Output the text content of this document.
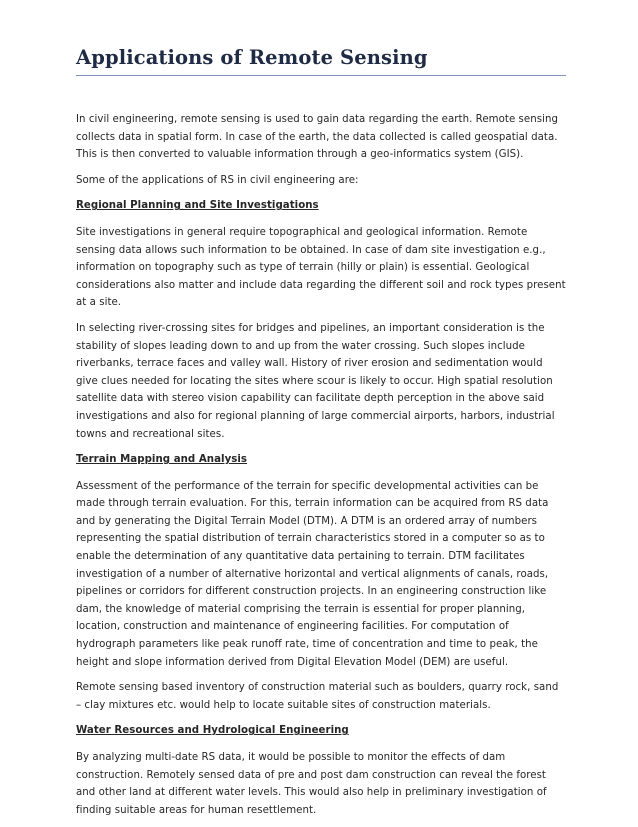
Applications of Remote Sensing

In civil engineering, remote sensing is used to gain data regarding the earth. Remote sensing collects data in spatial form. In case of the earth, the data collected is called geospatial data. This is then converted to valuable information through a geo-informatics system (GIS).

Some of the applications of RS in civil engineering are:

Regional Planning and Site Investigations

Site investigations in general require topographical and geological information. Remote sensing data allows such information to be obtained. In case of dam site investigation e.g., information on topography such as type of terrain (hilly or plain) is essential. Geological considerations also matter and include data regarding the different soil and rock types present at a site.

In selecting river-crossing sites for bridges and pipelines, an important consideration is the stability of slopes leading down to and up from the water crossing. Such slopes include riverbanks, terrace faces and valley wall. History of river erosion and sedimentation would give clues needed for locating the sites where scour is likely to occur. High spatial resolution satellite data with stereo vision capability can facilitate depth perception in the above said investigations and also for regional planning of large commercial airports, harbors, industrial towns and recreational sites.

Terrain Mapping and Analysis

Assessment of the performance of the terrain for specific developmental activities can be made through terrain evaluation. For this, terrain information can be acquired from RS data and by generating the Digital Terrain Model (DTM). A DTM is an ordered array of numbers representing the spatial distribution of terrain characteristics stored in a computer so as to enable the determination of any quantitative data pertaining to terrain. DTM facilitates investigation of a number of alternative horizontal and vertical alignments of canals, roads, pipelines or corridors for different construction projects. In an engineering construction like dam, the knowledge of material comprising the terrain is essential for proper planning, location, construction and maintenance of engineering facilities. For computation of hydrograph parameters like peak runoff rate, time of concentration and time to peak, the height and slope information derived from Digital Elevation Model (DEM) are useful.

Remote sensing based inventory of construction material such as boulders, quarry rock, sand – clay mixtures etc. would help to locate suitable sites of construction materials.

Water Resources and Hydrological Engineering

By analyzing multi-date RS data, it would be possible to monitor the effects of dam construction. Remotely sensed data of pre and post dam construction can reveal the forest and other land at different water levels. This would also help in preliminary investigation of finding suitable areas for human resettlement.
